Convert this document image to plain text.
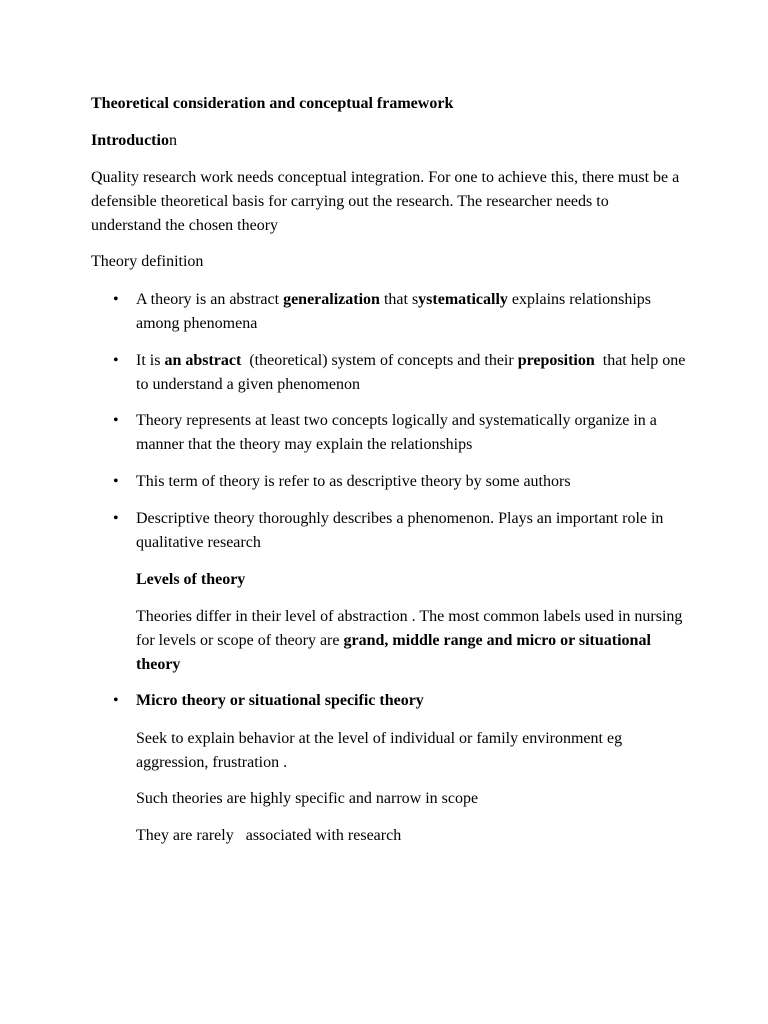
Theoretical consideration and conceptual framework

Introduction

Quality research work needs conceptual integration. For one to achieve this, there must be a defensible theoretical basis for carrying out the research. The researcher needs to understand the chosen theory

Theory definition

• A theory is an abstract generalization that systematically explains relationships among phenomena

• It is an abstract  (theoretical) system of concepts and their preposition  that help one to understand a given phenomenon

• Theory represents at least two concepts logically and systematically organize in a manner that the theory may explain the relationships

• This term of theory is refer to as descriptive theory by some authors

• Descriptive theory thoroughly describes a phenomenon. Plays an important role in qualitative research

Levels of theory

Theories differ in their level of abstraction . The most common labels used in nursing for levels or scope of theory are grand, middle range and micro or situational theory

• Micro theory or situational specific theory

Seek to explain behavior at the level of individual or family environment eg aggression, frustration .

Such theories are highly specific and narrow in scope

They are rarely   associated with research
